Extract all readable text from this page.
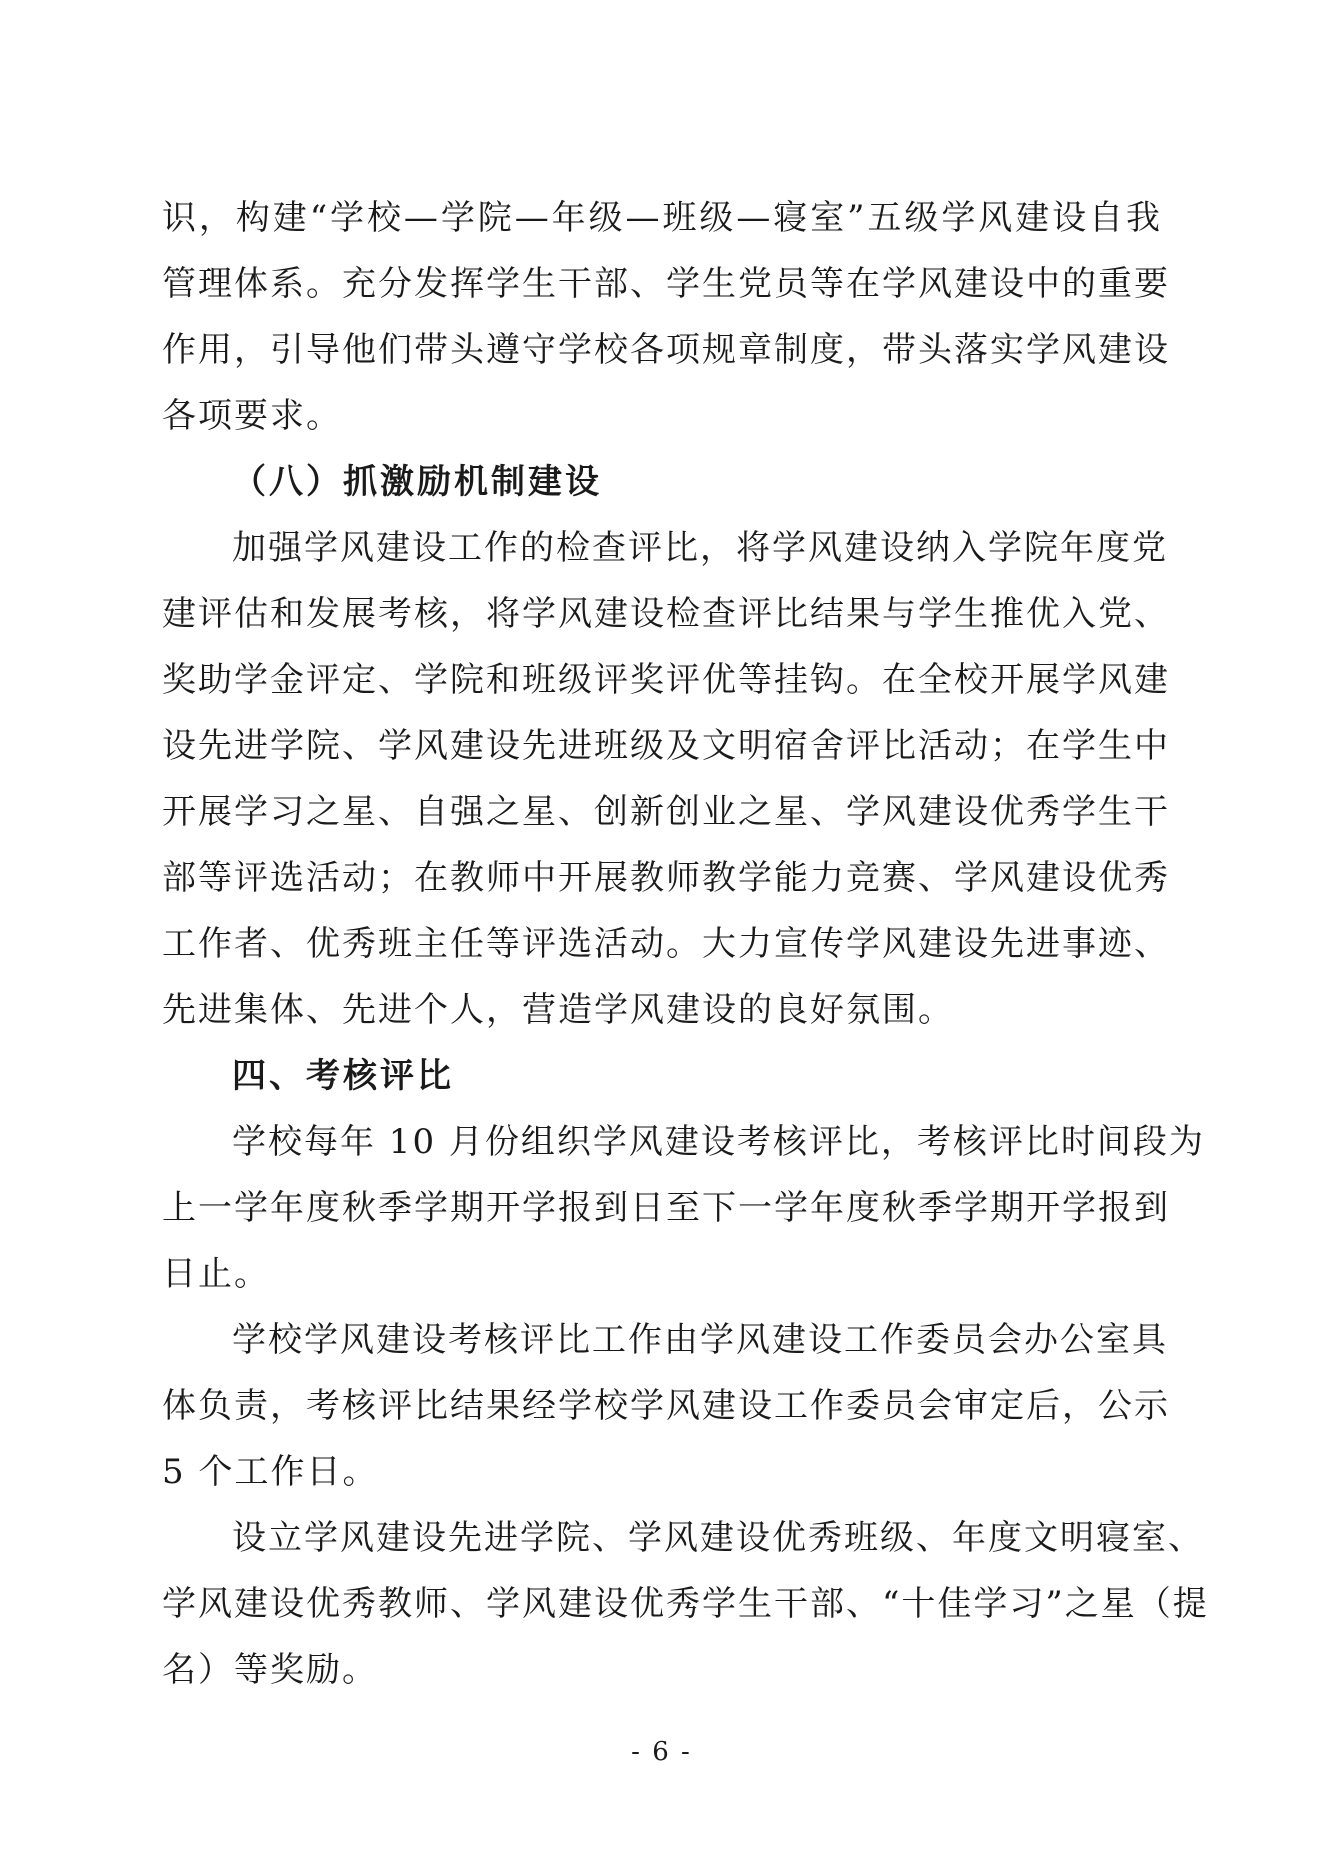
识，构建“学校—学院—年级—班级—寝室”五级学风建设自我
管理体系。充分发挥学生干部、学生党员等在学风建设中的重要
作用，引导他们带头遵守学校各项规章制度，带头落实学风建设
各项要求。
（八）抓激励机制建设
加强学风建设工作的检查评比，将学风建设纳入学院年度党
建评估和发展考核，将学风建设检查评比结果与学生推优入党、
奖助学金评定、学院和班级评奖评优等挂钩。在全校开展学风建
设先进学院、学风建设先进班级及文明宿舍评比活动；在学生中
开展学习之星、自强之星、创新创业之星、学风建设优秀学生干
部等评选活动；在教师中开展教师教学能力竞赛、学风建设优秀
工作者、优秀班主任等评选活动。大力宣传学风建设先进事迹、
先进集体、先进个人，营造学风建设的良好氛围。
四、考核评比
学校每年 10 月份组织学风建设考核评比，考核评比时间段为
上一学年度秋季学期开学报到日至下一学年度秋季学期开学报到
日止。
学校学风建设考核评比工作由学风建设工作委员会办公室具
体负责，考核评比结果经学校学风建设工作委员会审定后，公示
5 个工作日。
设立学风建设先进学院、学风建设优秀班级、年度文明寝室、
学风建设优秀教师、学风建设优秀学生干部、“十佳学习”之星（提
名）等奖励。
- 6 -
